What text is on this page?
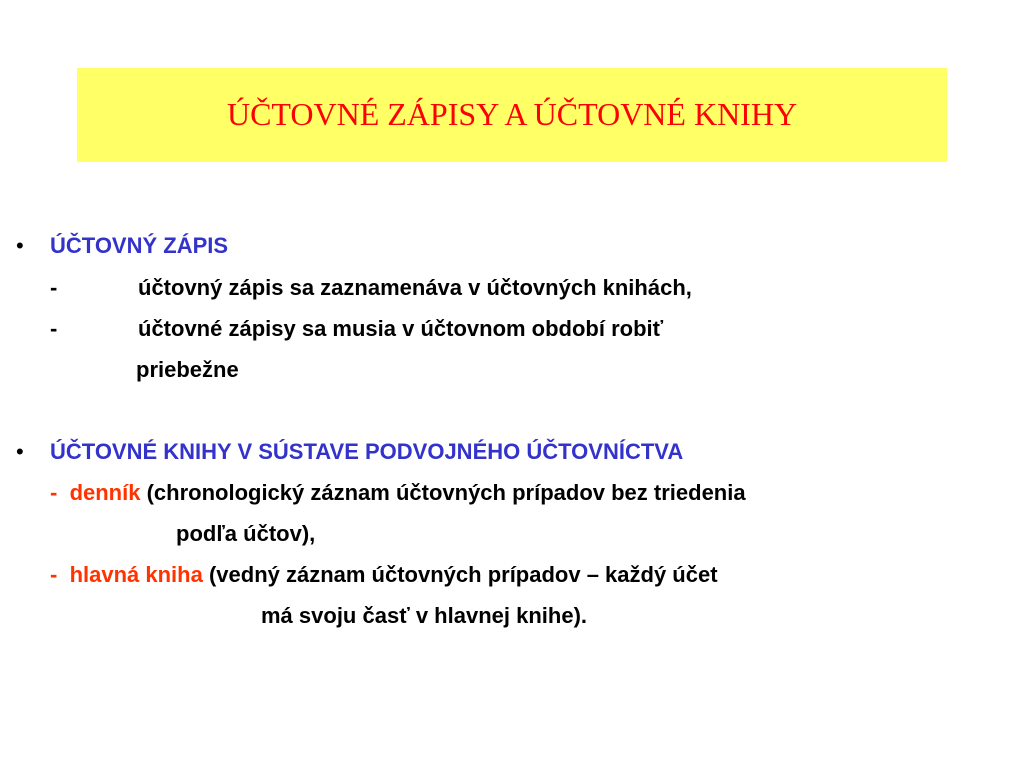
ÚČTOVNÉ ZÁPISY A ÚČTOVNÉ KNIHY
• ÚČTOVNÝ ZÁPIS
-	účtovný zápis sa zaznamenáva v účtovných knihách,
-	účtovné zápisy sa musia v účtovnom období robiť
priebežne
• ÚČTOVNÉ KNIHY V SÚSTAVE PODVOJNÉHO ÚČTOVNÍCTVA
- denník (chronologický záznam účtovných prípadov bez triedenia
podľa účtov),
- hlavná kniha (vedný záznam účtovných prípadov – každý účet
má svoju časť v hlavnej knihe).
